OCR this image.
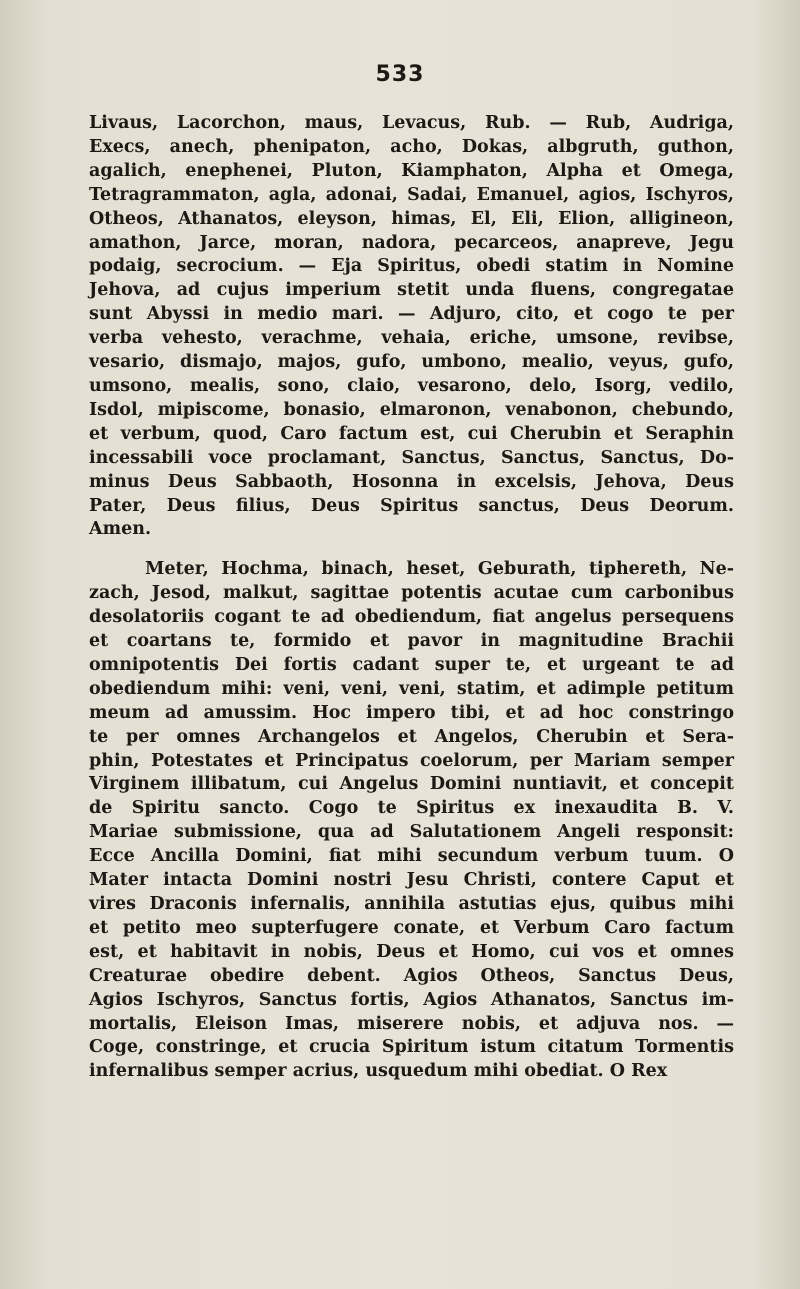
533

Livaus, Lacorchon, maus, Levacus, Rub. — Rub, Audriga,
Execs, anech, phenipaton, acho, Dokas, albgruth, guthon,
agalich, enephenei, Pluton, Kiamphaton, Alpha et Omega,
Tetragrammaton, agla, adonai, Sadai, Emanuel, agios, Ischyros,
Otheos, Athanatos, eleyson, himas, El, Eli, Elion, alligineon,
amathon, Jarce, moran, nadora, pecarceos, anapreve, Jegu
podaig, secrocium. — Eja Spiritus, obedi statim in Nomine
Jehova, ad cujus imperium stetit unda fluens, congregatae
sunt Abyssi in medio mari. — Adjuro, cito, et cogo te per
verba vehesto, verachme, vehaia, eriche, umsone, revibse,
vesario, dismajo, majos, gufo, umbono, mealio, veyus, gufo,
umsono, mealis, sono, claio, vesarono, delo, Isorg, vedilo,
Isdol, mipiscome, bonasio, elmaronon, venabonon, chebundo,
et verbum, quod, Caro factum est, cui Cherubin et Seraphin
incessabili voce proclamant, Sanctus, Sanctus, Sanctus, Do-
minus Deus Sabbaoth, Hosonna in excelsis, Jehova, Deus
Pater, Deus filius, Deus Spiritus sanctus, Deus Deorum.
Amen.

Meter, Hochma, binach, heset, Geburath, tiphereth, Ne-
zach, Jesod, malkut, sagittae potentis acutae cum carbonibus
desolatoriis cogant te ad obediendum, fiat angelus persequens
et coartans te, formido et pavor in magnitudine Brachii
omnipotentis Dei fortis cadant super te, et urgeant te ad
obediendum mihi: veni, veni, veni, statim, et adimple petitum
meum ad amussim. Hoc impero tibi, et ad hoc constringo
te per omnes Archangelos et Angelos, Cherubin et Sera-
phin, Potestates et Principatus coelorum, per Mariam semper
Virginem illibatum, cui Angelus Domini nuntiavit, et concepit
de Spiritu sancto. Cogo te Spiritus ex inexaudita B. V.
Mariae submissione, qua ad Salutationem Angeli responsit:
Ecce Ancilla Domini, fiat mihi secundum verbum tuum. O
Mater intacta Domini nostri Jesu Christi, contere Caput et
vires Draconis infernalis, annihila astutias ejus, quibus mihi
et petito meo supterfugere conate, et Verbum Caro factum
est, et habitavit in nobis, Deus et Homo, cui vos et omnes
Creaturae obedire debent. Agios Otheos, Sanctus Deus,
Agios Ischyros, Sanctus fortis, Agios Athanatos, Sanctus im-
mortalis, Eleison Imas, miserere nobis, et adjuva nos. —
Coge, constringe, et crucia Spiritum istum citatum Tormentis
infernalibus semper acrius, usquedum mihi obediat. O Rex
